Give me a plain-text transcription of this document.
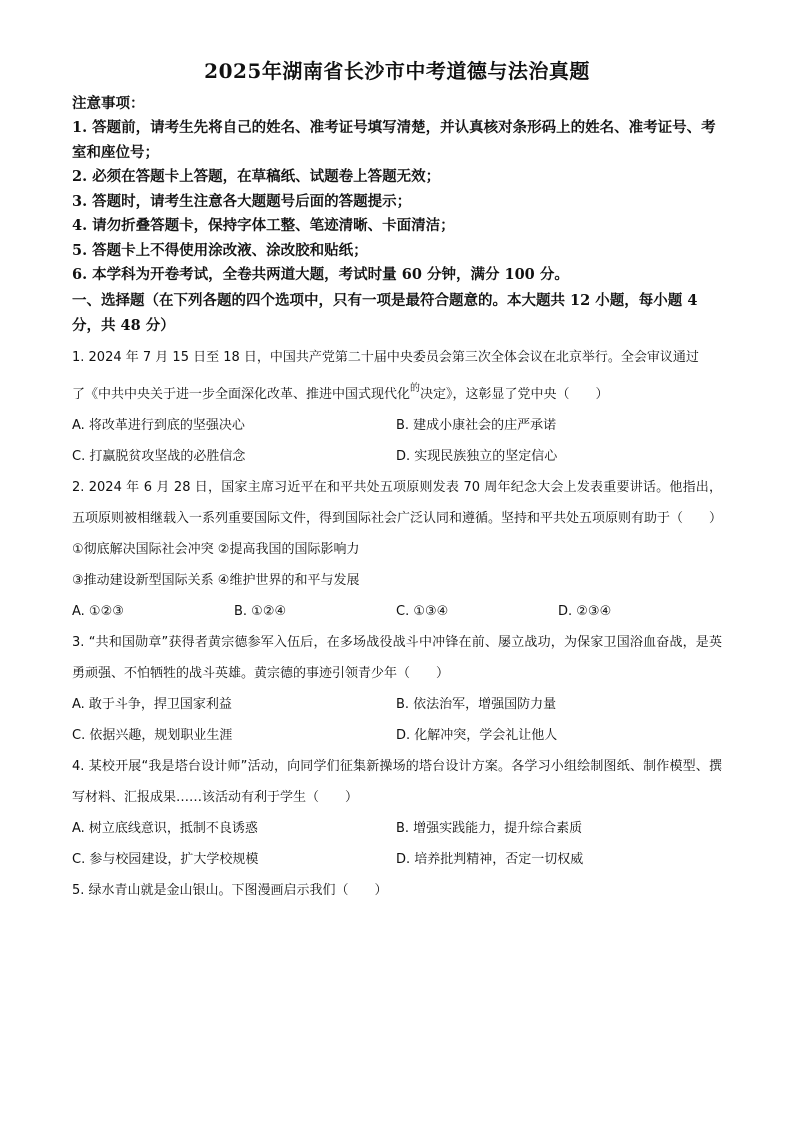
2025年湖南省长沙市中考道德与法治真题

注意事项：

1. 答题前，请考生先将自己的姓名、准考证号填写清楚，并认真核对条形码上的姓名、准考证号、考室和座位号；

2. 必须在答题卡上答题，在草稿纸、试题卷上答题无效；

3. 答题时，请考生注意各大题题号后面的答题提示；

4. 请勿折叠答题卡，保持字体工整、笔迹清晰、卡面清洁；

5. 答题卡上不得使用涂改液、涂改胶和贴纸；

6. 本学科为开卷考试，全卷共两道大题，考试时量 60 分钟，满分 100 分。

一、选择题（在下列各题的四个选项中，只有一项是最符合题意的。本大题共 12 小题，每小题 4 分，共 48 分）

1. 2024 年 7 月 15 日至 18 日，中国共产党第二十届中央委员会第三次全体会议在北京举行。全会审议通过

了《中共中央关于进一步全面深化改革、推进中国式现代化$^的$决定》，这彰显了党中央（　　）

A. 将改革进行到底的坚强决心	B. 建成小康社会的庄严承诺
C. 打赢脱贫攻坚战的必胜信念	D. 实现民族独立的坚定信心

2. 2024 年 6 月 28 日，国家主席习近平在和平共处五项原则发表 70 周年纪念大会上发表重要讲话。他指出，五项原则被相继载入一系列重要国际文件，得到国际社会广泛认同和遵循。坚持和平共处五项原则有助于（　　）

①彻底解决国际社会冲突 ②提高我国的国际影响力

③推动建设新型国际关系 ④维护世界的和平与发展

A. ①②③	B. ①②④	C. ①③④	D. ②③④

3. “共和国勋章”获得者黄宗德参军入伍后，在多场战役战斗中冲锋在前、屡立战功，为保家卫国浴血奋战，是英勇顽强、不怕牺牲的战斗英雄。黄宗德的事迹引领青少年（　　）

A. 敢于斗争，捍卫国家利益	B. 依法治军，增强国防力量
C. 依据兴趣，规划职业生涯	D. 化解冲突，学会礼让他人

4. 某校开展“我是塔台设计师”活动，向同学们征集新操场的塔台设计方案。各学习小组绘制图纸、制作模型、撰写材料、汇报成果……该活动有利于学生（　　）

A. 树立底线意识，抵制不良诱惑	B. 增强实践能力，提升综合素质
C. 参与校园建设，扩大学校规模	D. 培养批判精神，否定一切权威

5. 绿水青山就是金山银山。下图漫画启示我们（　　）
